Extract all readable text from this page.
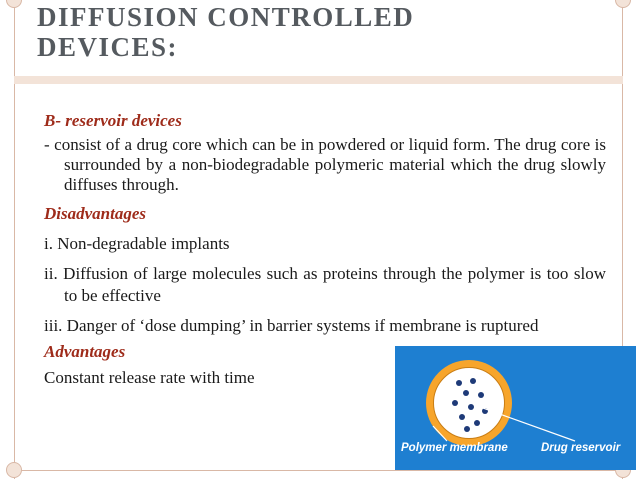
DIFFUSION CONTROLLED
DEVICES:

B- reservoir devices

- consist of a drug core which can be in powdered or liquid form. The drug core is surrounded by a non-biodegradable polymeric material which the drug slowly diffuses through.

Disadvantages

i. Non-degradable implants

ii. Diffusion of large molecules such as proteins through the polymer is too slow to be effective

iii. Danger of ‘dose dumping’ in barrier systems if membrane is ruptured

Advantages

Constant release rate with time

Polymer membrane	Drug reservoir
